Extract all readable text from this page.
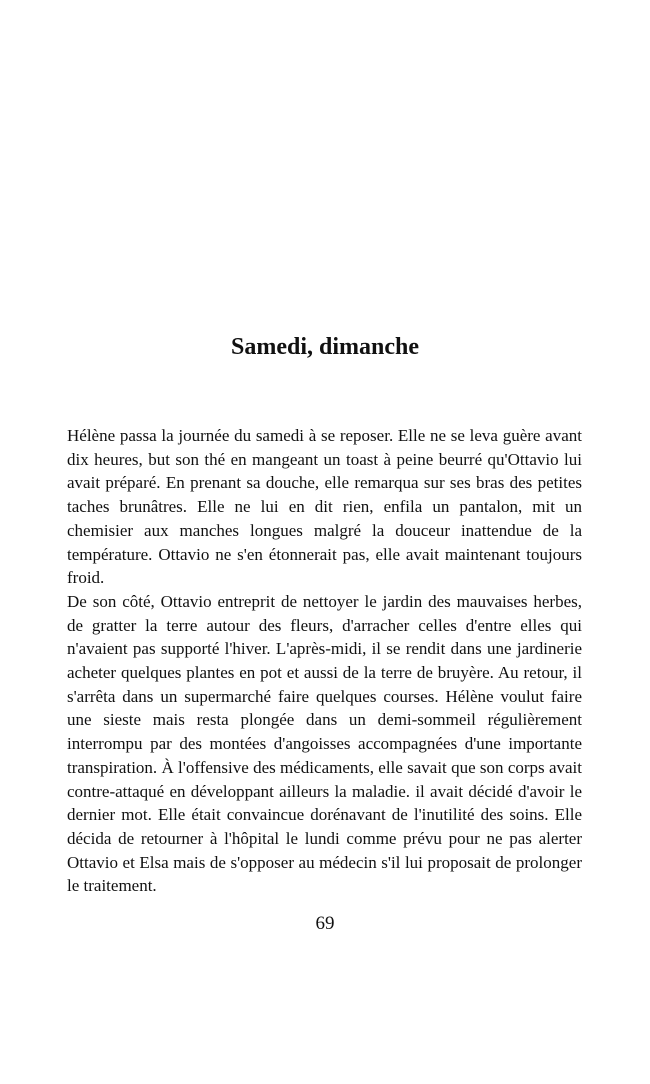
Samedi, dimanche

Hélène passa la journée du samedi à se reposer. Elle ne se leva guère avant dix heures, but son thé en mangeant un toast à peine beurré qu'Ottavio lui avait préparé. En prenant sa douche, elle remarqua sur ses bras des petites taches brunâtres. Elle ne lui en dit rien, enfila un pantalon, mit un chemisier aux manches longues malgré la douceur inattendue de la température. Ottavio ne s'en étonnerait pas, elle avait maintenant toujours froid.

De son côté, Ottavio entreprit de nettoyer le jardin des mauvaises herbes, de gratter la terre autour des fleurs, d'arracher celles d'entre elles qui n'avaient pas supporté l'hiver. L'après-midi, il se rendit dans une jardinerie acheter quelques plantes en pot et aussi de la terre de bruyère. Au retour, il s'arrêta dans un supermarché faire quelques courses. Hélène voulut faire une sieste mais resta plongée dans un demi-sommeil régulièrement interrompu par des montées d'angoisses accompagnées d'une importante transpiration. À l'offensive des médicaments, elle savait que son corps avait contre-attaqué en développant ailleurs la maladie. il avait décidé d'avoir le dernier mot. Elle était convaincue dorénavant de l'inutilité des soins. Elle décida de retourner à l'hôpital le lundi comme prévu pour ne pas alerter Ottavio et Elsa mais de s'opposer au médecin s'il lui proposait de prolonger le traitement.

69
